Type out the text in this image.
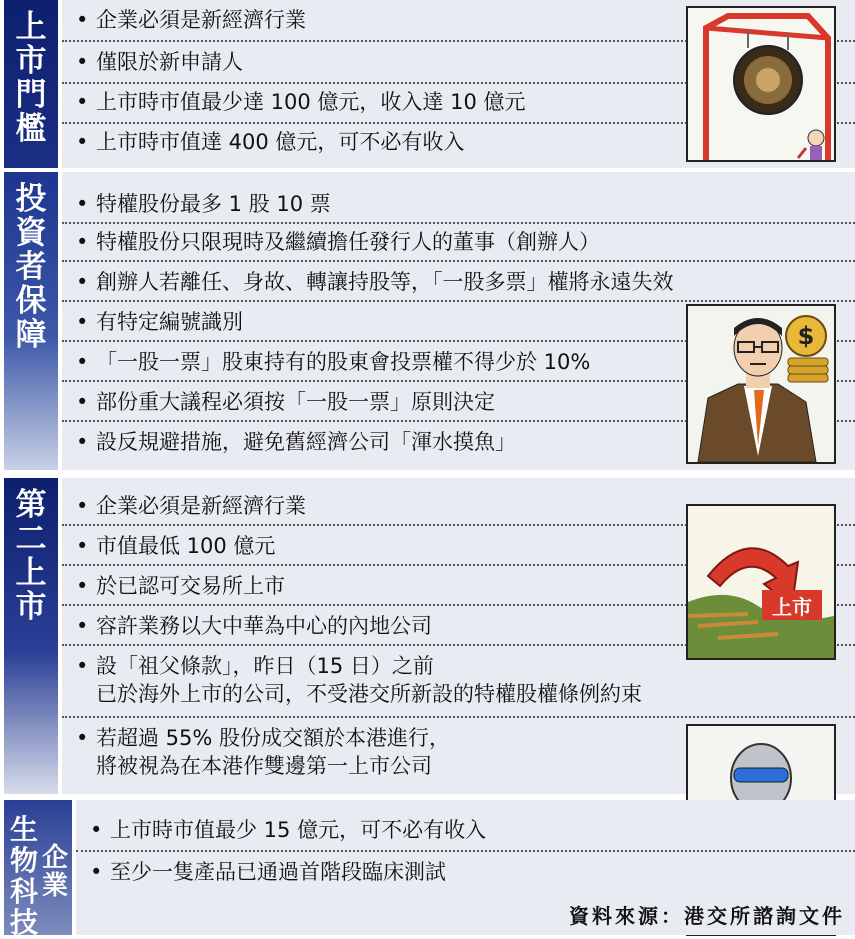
上
市
門
檻
• 企業必須是新經濟行業
• 僅限於新申請人
• 上市時市值最少達 100 億元，收入達 10 億元
• 上市時市值達 400 億元，可不必有收入
投
資
者
保
障
• 特權股份最多 1 股 10 票
• 特權股份只限現時及繼續擔任發行人的董事（創辦人）
• 創辦人若離任、身故、轉讓持股等，「一股多票」權將永遠失效
• 有特定編號識別
• 「一股一票」股東持有的股東會投票權不得少於 10%
• 部份重大議程必須按「一股一票」原則決定
• 設反規避措施，避免舊經濟公司「渾水摸魚」
$
第
二
上
市
• 企業必須是新經濟行業
• 市值最低 100 億元
• 於已認可交易所上市
• 容許業務以大中華為中心的內地公司
• 設「祖父條款」，昨日（15 日）之前
已於海外上市的公司，不受港交所新設的特權股權條例約束
• 若超過 55% 股份成交額於本港進行，
將被視為在本港作雙邊第一上市公司
上市
生
物
科
技
企
業
• 上市時市值最少 15 億元，可不必有收入
• 至少一隻產品已通過首階段臨床測試
資料來源：港交所諮詢文件
